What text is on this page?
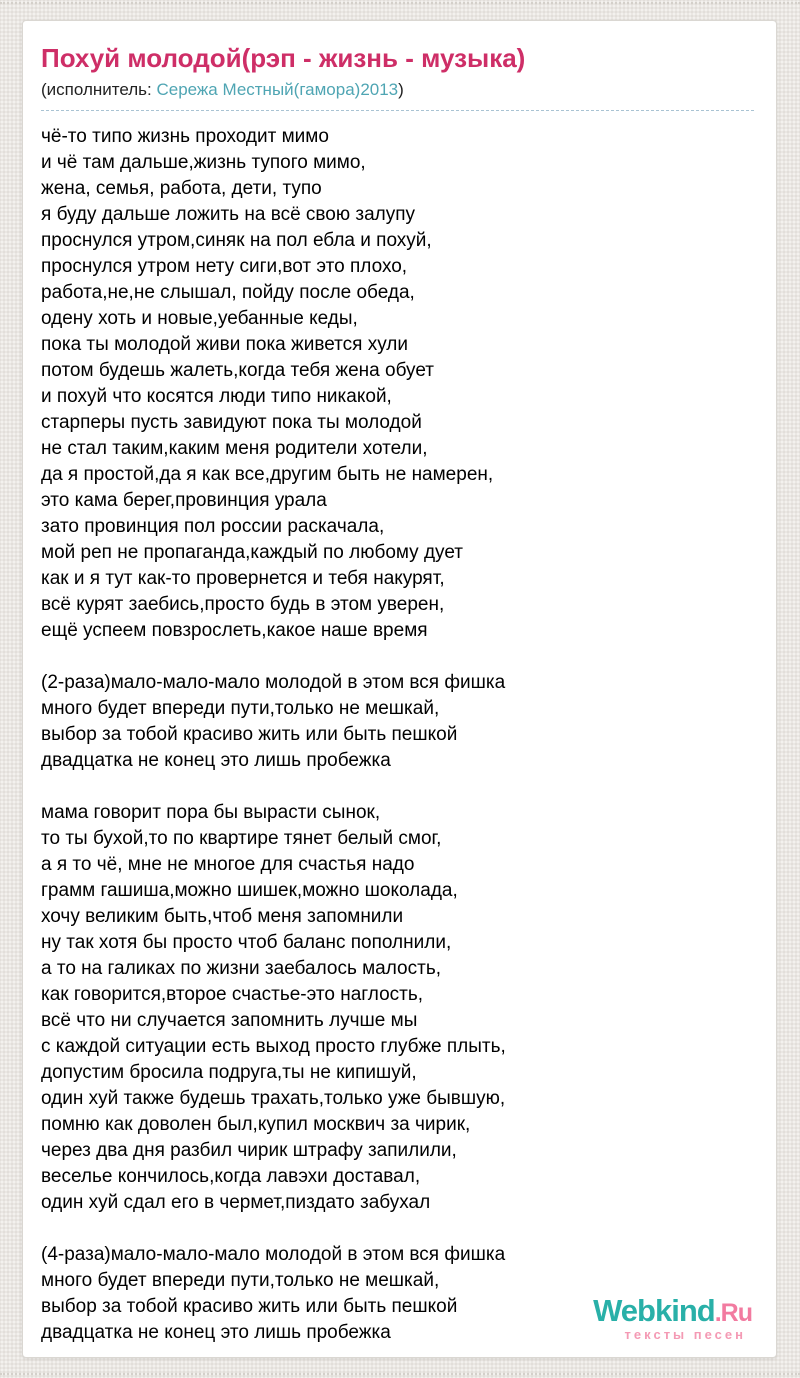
Похуй молодой(рэп - жизнь - музыка)
(исполнитель: Сережа Местный(гамора)2013)
чё-то типо жизнь проходит мимо
и чё там дальше,жизнь тупого мимо,
жена, семья, работа, дети, тупо
я буду дальше ложить на всё свою залупу
проснулся утром,синяк на пол ебла и похуй,
проснулся утром нету сиги,вот это плохо,
работа,не,не слышал, пойду после обеда,
одену хоть и новые,уебанные кеды,
пока ты молодой живи пока живется хули
потом будешь жалеть,когда тебя жена обует
и похуй что косятся люди типо никакой,
старперы пусть завидуют пока ты молодой
не стал таким,каким меня родители хотели,
да я простой,да я как все,другим быть не намерен,
это кама берег,провинция урала
зато провинция пол россии раскачала,
мой реп не пропаганда,каждый по любому дует
как и я тут как-то провернется и тебя накурят,
всё курят заебись,просто будь в этом уверен,
ещё успеем повзрослеть,какое наше время
(2-раза)мало-мало-мало молодой в этом вся фишка
много будет впереди пути,только не мешкай,
выбор за тобой красиво жить или быть пешкой
двадцатка не конец это лишь пробежка
мама говорит пора бы вырасти сынок,
то ты бухой,то по квартире тянет белый смог,
а я то чё, мне не многое для счастья надо
грамм гашиша,можно шишек,можно шоколада,
хочу великим быть,чтоб меня запомнили
ну так хотя бы просто чтоб баланс пополнили,
а то на галиках по жизни заебалось малость,
как говорится,второе счастье-это наглость,
всё что ни случается запомнить лучше мы
с каждой ситуации есть выход просто глубже плыть,
допустим бросила подруга,ты не кипишуй,
один хуй также будешь трахать,только уже бывшую,
помню как доволен был,купил москвич за чирик,
через два дня разбил чирик штрафу запилили,
веселье кончилось,когда лавэхи доставал,
один хуй сдал его в чермет,пиздато забухал
(4-раза)мало-мало-мало молодой в этом вся фишка
много будет впереди пути,только не мешкай,
выбор за тобой красиво жить или быть пешкой
двадцатка не конец это лишь пробежка
Webkind.Ru
тексты песен
